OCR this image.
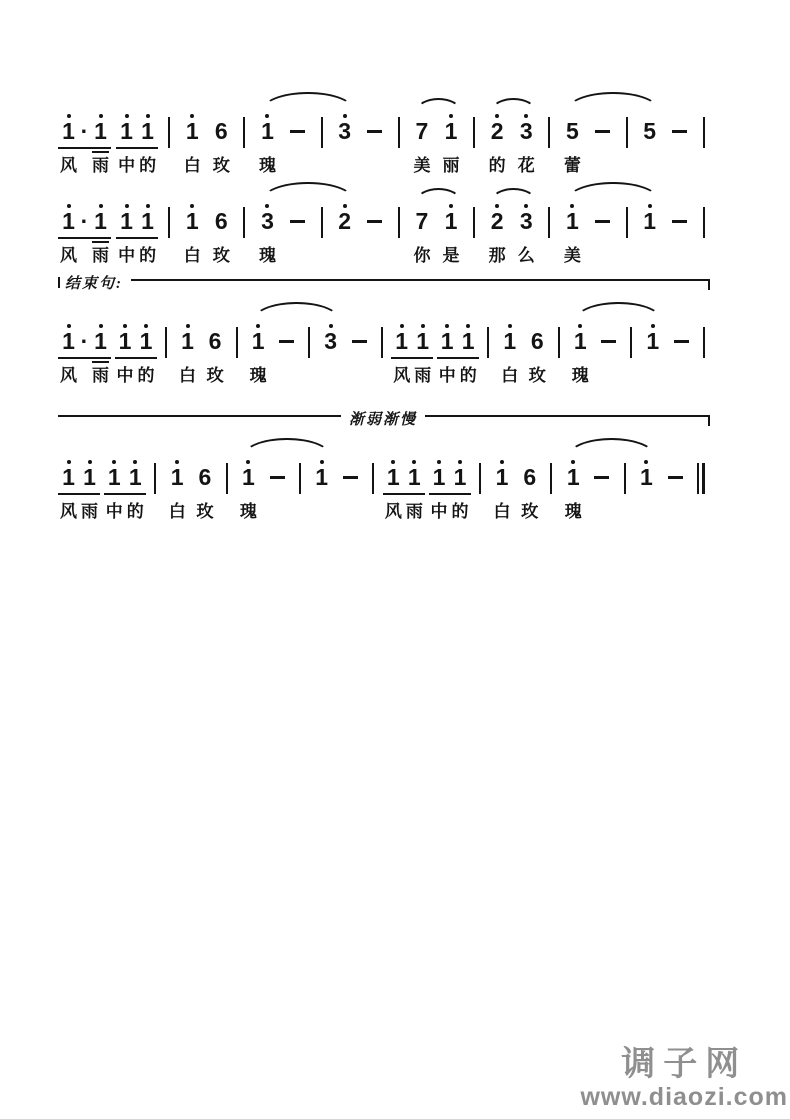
1
风
· 1
雨
1
中
1
的
1
白
6
玫
1
瑰
3	7
美
1
丽
2
的
3
花
5
蕾
5
1
风
· 1
雨
1
中
1
的
1
白
6
玫
3
瑰
2	7
你
1
是
2
那
3
么
1
美
1
结束句:
1
风
· 1
雨
1
中
1
的
1
白
6
玫
1
瑰
3	1
风
1
雨
1
中
1
的
1
白
6
玫
1
瑰
1
渐弱渐慢
1
风
1
雨
1
中
1
的
1
白
6
玫
1
瑰
1	1
风
1
雨
1
中
1
的
1
白
6
玫
1
瑰
1
调子网
www.diaozi.com
